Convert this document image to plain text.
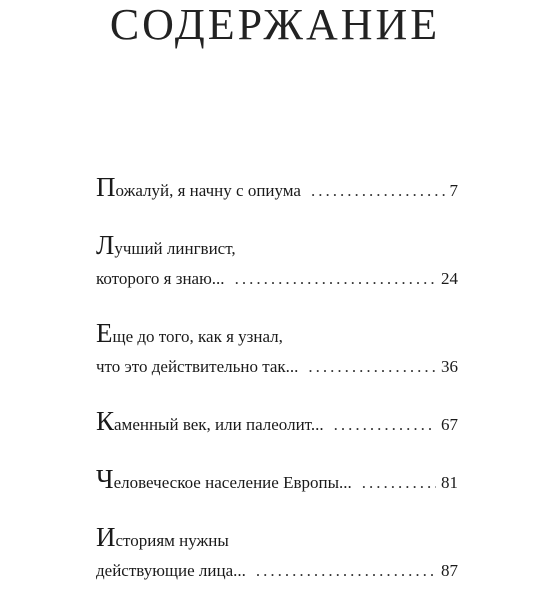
СОДЕРЖАНИЕ
Пожалуй, я начну с опиума .....	7
Лучший лингвист,
которого я знаю... .....	24
Еще до того, как я узнал,
что это действительно так... .....	36
Каменный век, или палеолит... .....	67
Человеческое население Европы... .....	81
Историям нужны
действующие лица... .....	87
